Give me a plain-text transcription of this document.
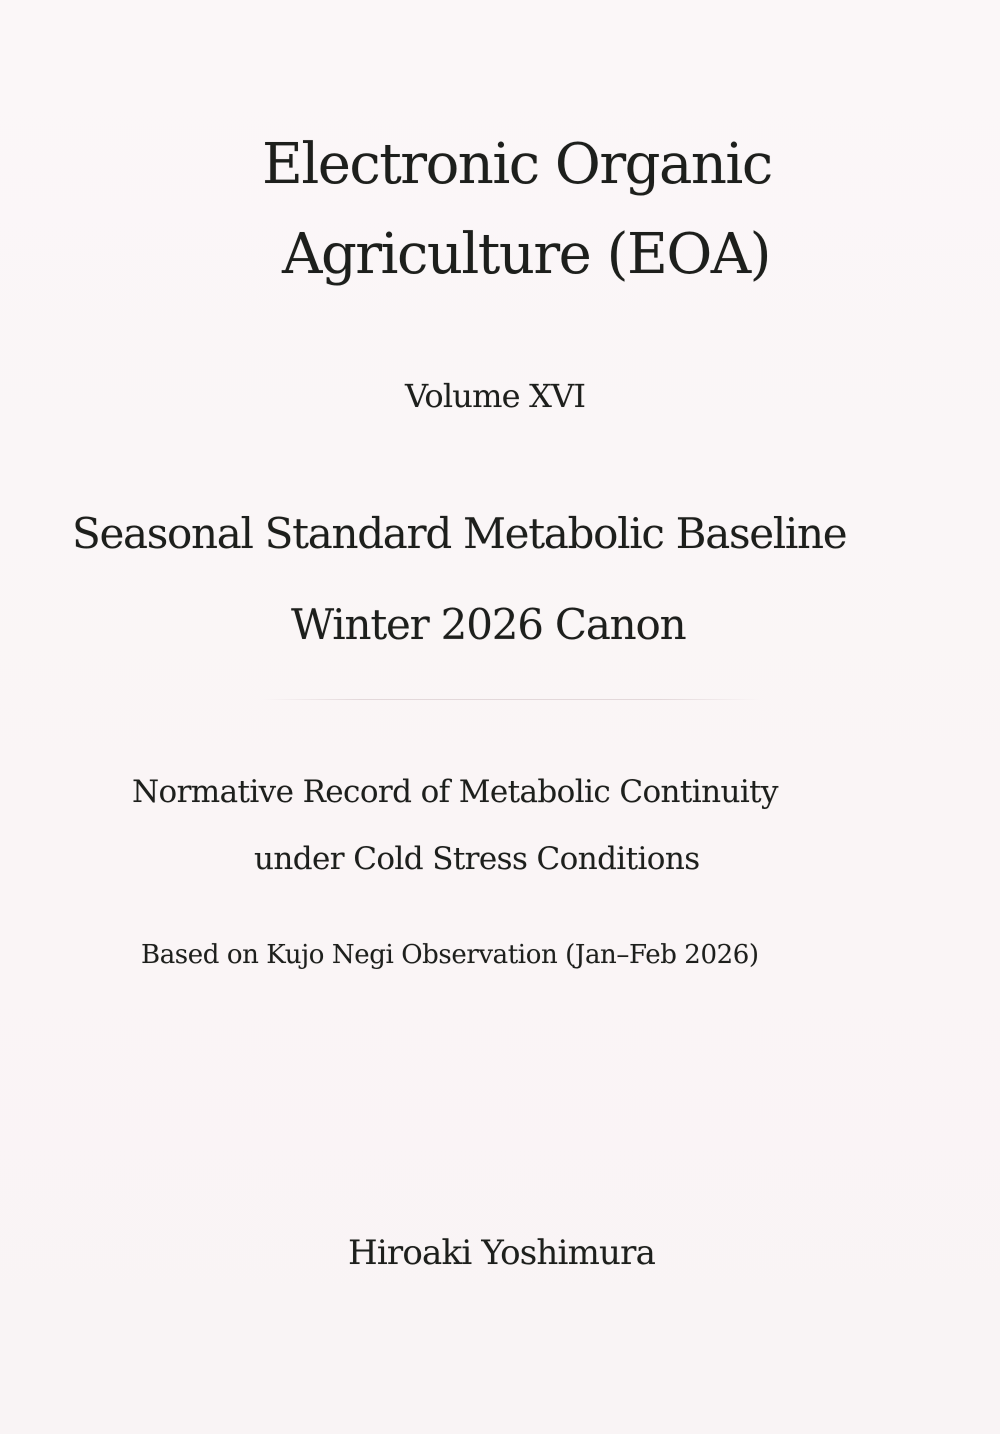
Electronic Organic
Agriculture (EOA)
Volume XVI
Seasonal Standard Metabolic Baseline
Winter 2026 Canon
Normative Record of Metabolic Continuity
under Cold Stress Conditions
Based on Kujo Negi Observation (Jan–Feb 2026)
Hiroaki Yoshimura
